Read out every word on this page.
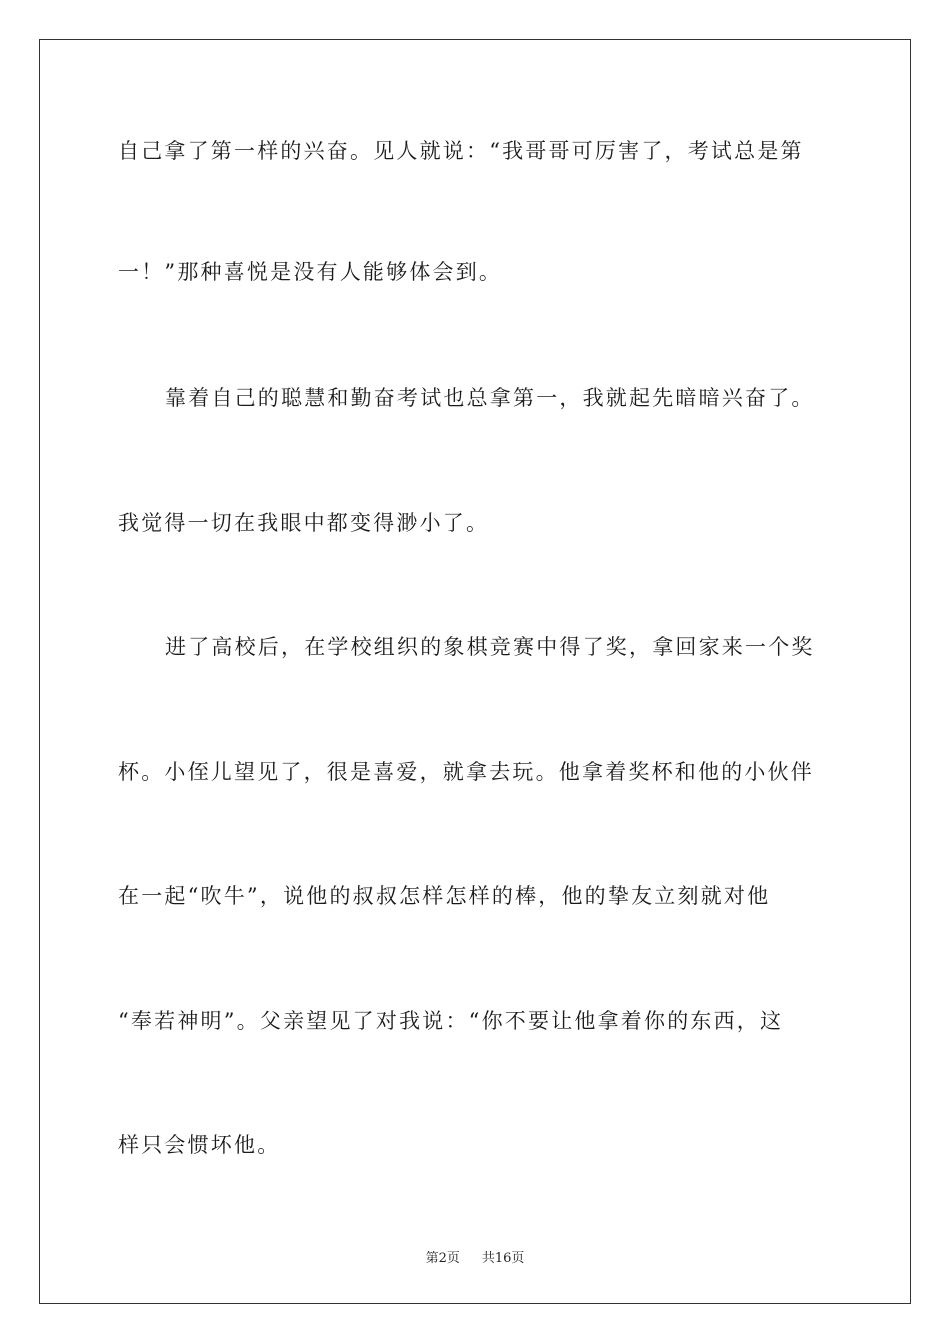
自己拿了第一样的兴奋。见人就说：“我哥哥可厉害了，考试总是第
一！”那种喜悦是没有人能够体会到。
靠着自己的聪慧和勤奋考试也总拿第一，我就起先暗暗兴奋了。
我觉得一切在我眼中都变得渺小了。
进了高校后，在学校组织的象棋竞赛中得了奖，拿回家来一个奖
杯。小侄儿望见了，很是喜爱，就拿去玩。他拿着奖杯和他的小伙伴
在一起“吹牛”，说他的叔叔怎样怎样的棒，他的挚友立刻就对他
“奉若神明”。父亲望见了对我说：“你不要让他拿着你的东西，这
样只会惯坏他。
第2页 共16页
